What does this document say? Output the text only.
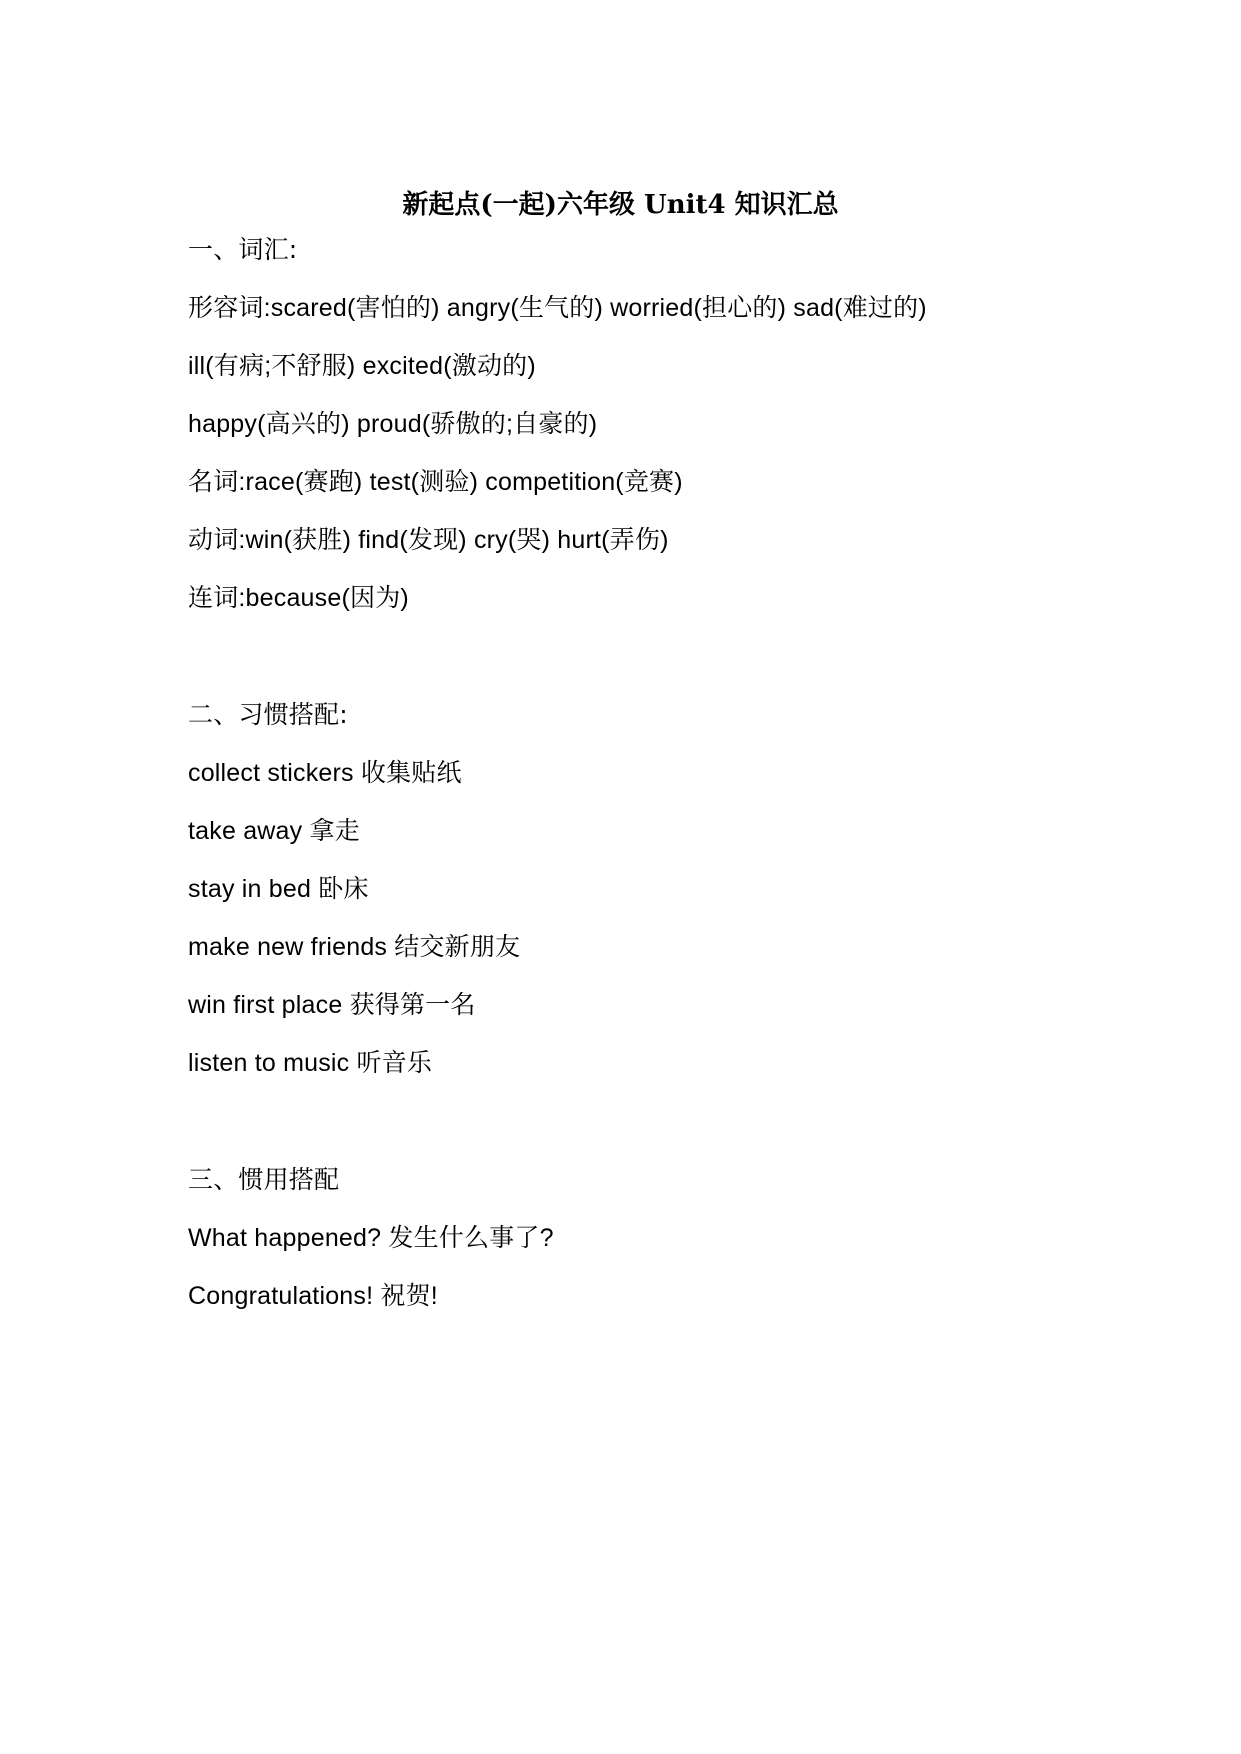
新起点(一起)六年级 Unit4 知识汇总
一、词汇:
形容词:scared(害怕的) angry(生气的) worried(担心的) sad(难过的)
ill(有病;不舒服) excited(激动的)
happy(高兴的) proud(骄傲的;自豪的)
名词:race(赛跑) test(测验) competition(竞赛)
动词:win(获胜) find(发现) cry(哭) hurt(弄伤)
连词:because(因为)
二、习惯搭配:
collect stickers 收集贴纸
take away 拿走
stay in bed 卧床
make new friends 结交新朋友
win first place 获得第一名
listen to music 听音乐
三、惯用搭配
What happened? 发生什么事了?
Congratulations! 祝贺!
